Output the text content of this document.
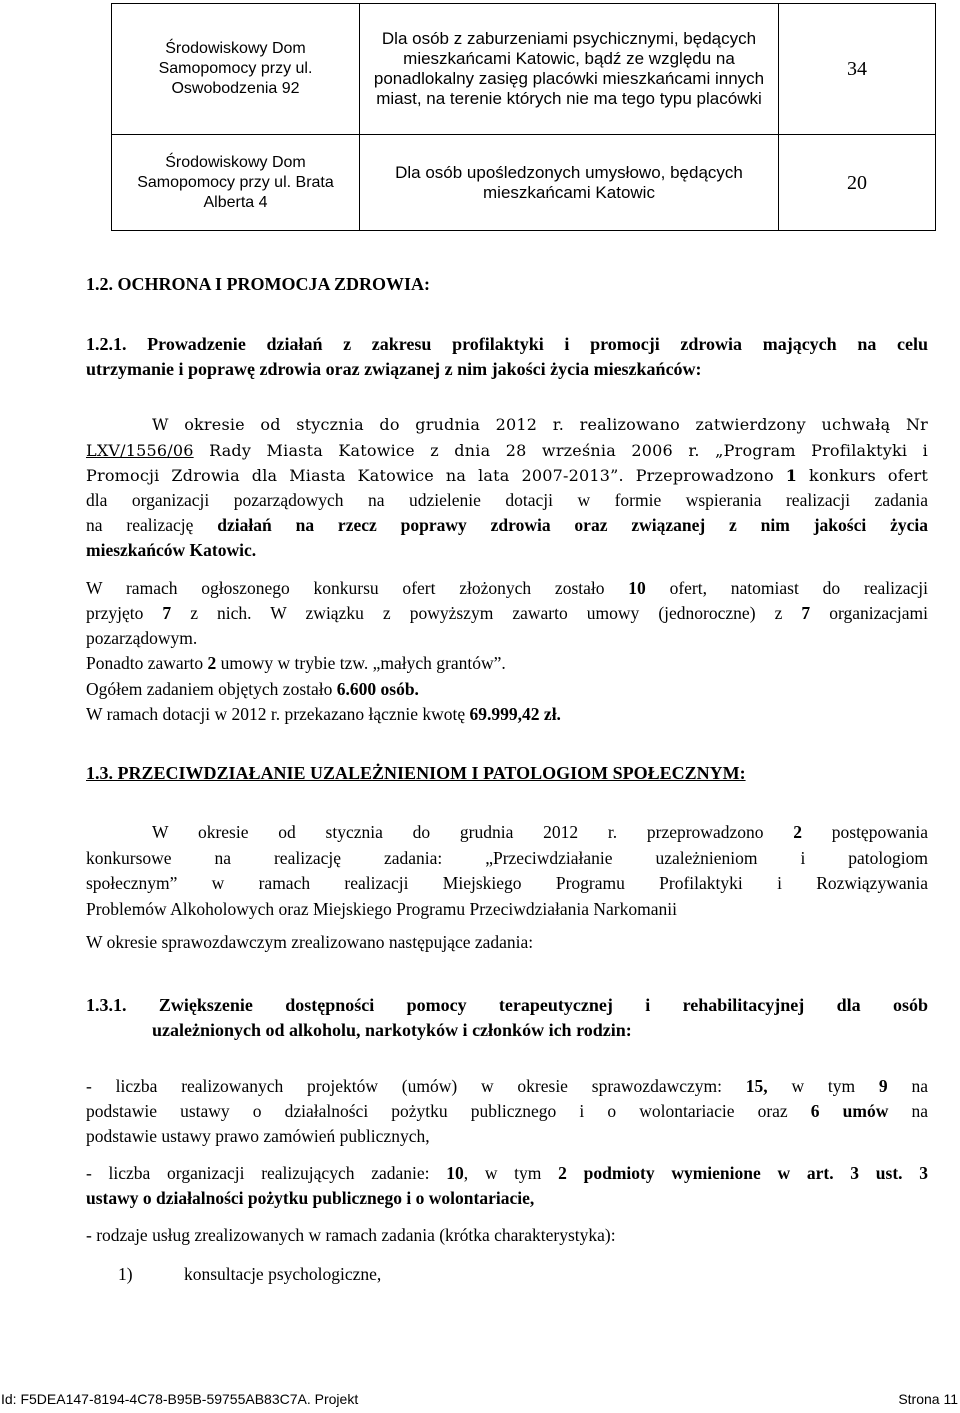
Środowiskowy Dom Samopomocy przy ul. Oswobodzenia 92	Dla osób z zaburzeniami psychicznymi, będących mieszkańcami Katowic, bądź ze względu na ponadlokalny zasięg placówki mieszkańcami innych miast, na terenie których nie ma tego typu placówki	34
Środowiskowy Dom Samopomocy przy ul. Brata Alberta 4	Dla osób upośledzonych umysłowo, będących mieszkańcami Katowic	20
1.2. OCHRONA I PROMOCJA ZDROWIA:
1.2.1. Prowadzenie działań z zakresu profilaktyki i promocji zdrowia mających na celu
utrzymanie i poprawę zdrowia oraz związanej z nim jakości życia mieszkańców:
W okresie od stycznia do grudnia 2012 r. realizowano zatwierdzony uchwałą Nr
LXV/1556/06 Rady Miasta Katowice z dnia 28 września 2006 r. „Program Profilaktyki i
Promocji Zdrowia dla Miasta Katowice na lata 2007-2013”. Przeprowadzono 1 konkurs ofert
dla organizacji pozarządowych na udzielenie dotacji w formie wspierania realizacji zadania
na realizację działań na rzecz poprawy zdrowia oraz związanej z nim jakości życia
mieszkańców Katowic.
W ramach ogłoszonego konkursu ofert złożonych zostało 10 ofert, natomiast do realizacji
przyjęto 7 z nich. W związku z powyższym zawarto umowy (jednoroczne) z 7 organizacjami
pozarządowym.
Ponadto zawarto 2 umowy w trybie tzw. „małych grantów”.
Ogółem zadaniem objętych zostało 6.600 osób.
W ramach dotacji w 2012 r. przekazano łącznie kwotę 69.999,42 zł.
1.3. PRZECIWDZIAŁANIE UZALEŻNIENIOM I PATOLOGIOM SPOŁECZNYM:
W okresie od stycznia do grudnia 2012 r. przeprowadzono 2 postępowania
konkursowe na realizację zadania: „Przeciwdziałanie uzależnieniom i patologiom
społecznym” w ramach realizacji Miejskiego Programu Profilaktyki i Rozwiązywania
Problemów Alkoholowych oraz Miejskiego Programu Przeciwdziałania Narkomanii
W okresie sprawozdawczym zrealizowano następujące zadania:
1.3.1. Zwiększenie dostępności pomocy terapeutycznej i rehabilitacyjnej dla osób
uzależnionych od alkoholu, narkotyków i członków ich rodzin:
- liczba realizowanych projektów (umów) w okresie sprawozdawczym: 15, w tym 9 na
podstawie ustawy o działalności pożytku publicznego i o wolontariacie oraz 6 umów na
podstawie ustawy prawo zamówień publicznych,
- liczba organizacji realizujących zadanie: 10, w tym 2 podmioty wymienione w art. 3 ust. 3
ustawy o działalności pożytku publicznego i o wolontariacie,
- rodzaje usług zrealizowanych w ramach zadania (krótka charakterystyka):
1)	konsultacje psychologiczne,
Id: F5DEA147-8194-4C78-B95B-59755AB83C7A. Projekt	Strona 11
